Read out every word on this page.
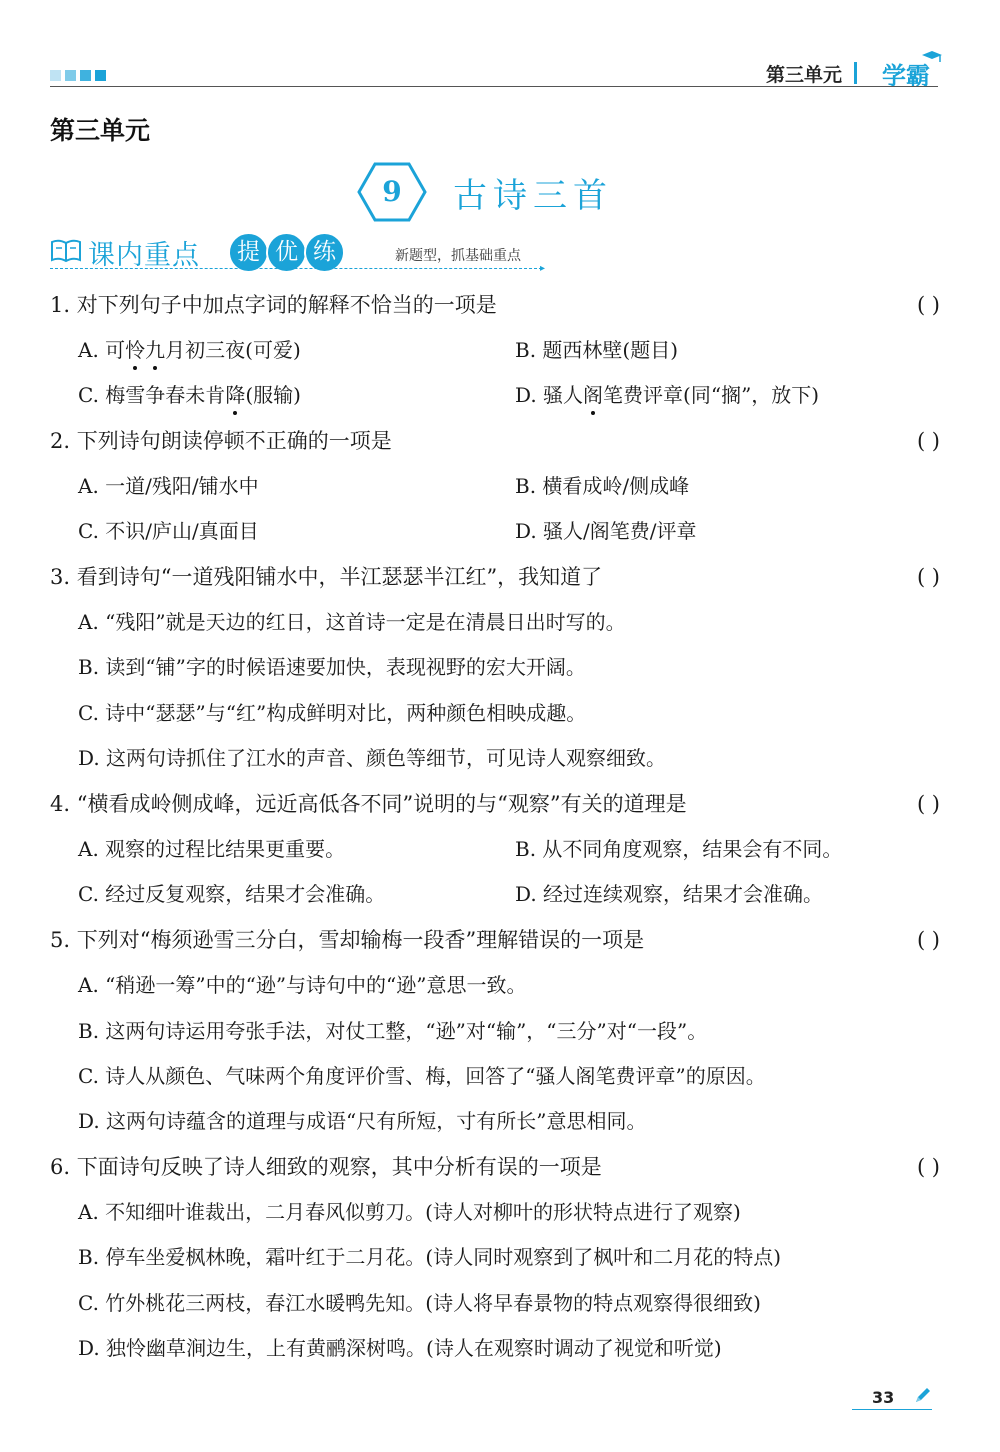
第三单元 学霸
第三单元
9	古诗三首
课内重点	提 优 练	新题型，抓基础重点
▸
1. 对下列句子中加点字词的解释不恰当的一项是	( )
A. 可怜九月初三夜(可爱)	B. 题西林壁(题目)
C. 梅雪争春未肯降(服输)	D. 骚人阁笔费评章(同“搁”，放下)
2. 下列诗句朗读停顿不正确的一项是	( )
A. 一道/残阳/铺水中	B. 横看成岭/侧成峰
C. 不识/庐山/真面目	D. 骚人/阁笔费/评章
3. 看到诗句“一道残阳铺水中，半江瑟瑟半江红”，我知道了	( )
A. “残阳”就是天边的红日，这首诗一定是在清晨日出时写的。
B. 读到“铺”字的时候语速要加快，表现视野的宏大开阔。
C. 诗中“瑟瑟”与“红”构成鲜明对比，两种颜色相映成趣。
D. 这两句诗抓住了江水的声音、颜色等细节，可见诗人观察细致。
4. “横看成岭侧成峰，远近高低各不同”说明的与“观察”有关的道理是	( )
A. 观察的过程比结果更重要。	B. 从不同角度观察，结果会有不同。
C. 经过反复观察，结果才会准确。	D. 经过连续观察，结果才会准确。
5. 下列对“梅须逊雪三分白，雪却输梅一段香”理解错误的一项是	( )
A. “稍逊一筹”中的“逊”与诗句中的“逊”意思一致。
B. 这两句诗运用夸张手法，对仗工整，“逊”对“输”，“三分”对“一段”。
C. 诗人从颜色、气味两个角度评价雪、梅，回答了“骚人阁笔费评章”的原因。
D. 这两句诗蕴含的道理与成语“尺有所短，寸有所长”意思相同。
6. 下面诗句反映了诗人细致的观察，其中分析有误的一项是	( )
A. 不知细叶谁裁出，二月春风似剪刀。(诗人对柳叶的形状特点进行了观察)
B. 停车坐爱枫林晚，霜叶红于二月花。(诗人同时观察到了枫叶和二月花的特点)
C. 竹外桃花三两枝，春江水暖鸭先知。(诗人将早春景物的特点观察得很细致)
D. 独怜幽草涧边生，上有黄鹂深树鸣。(诗人在观察时调动了视觉和听觉)
33
